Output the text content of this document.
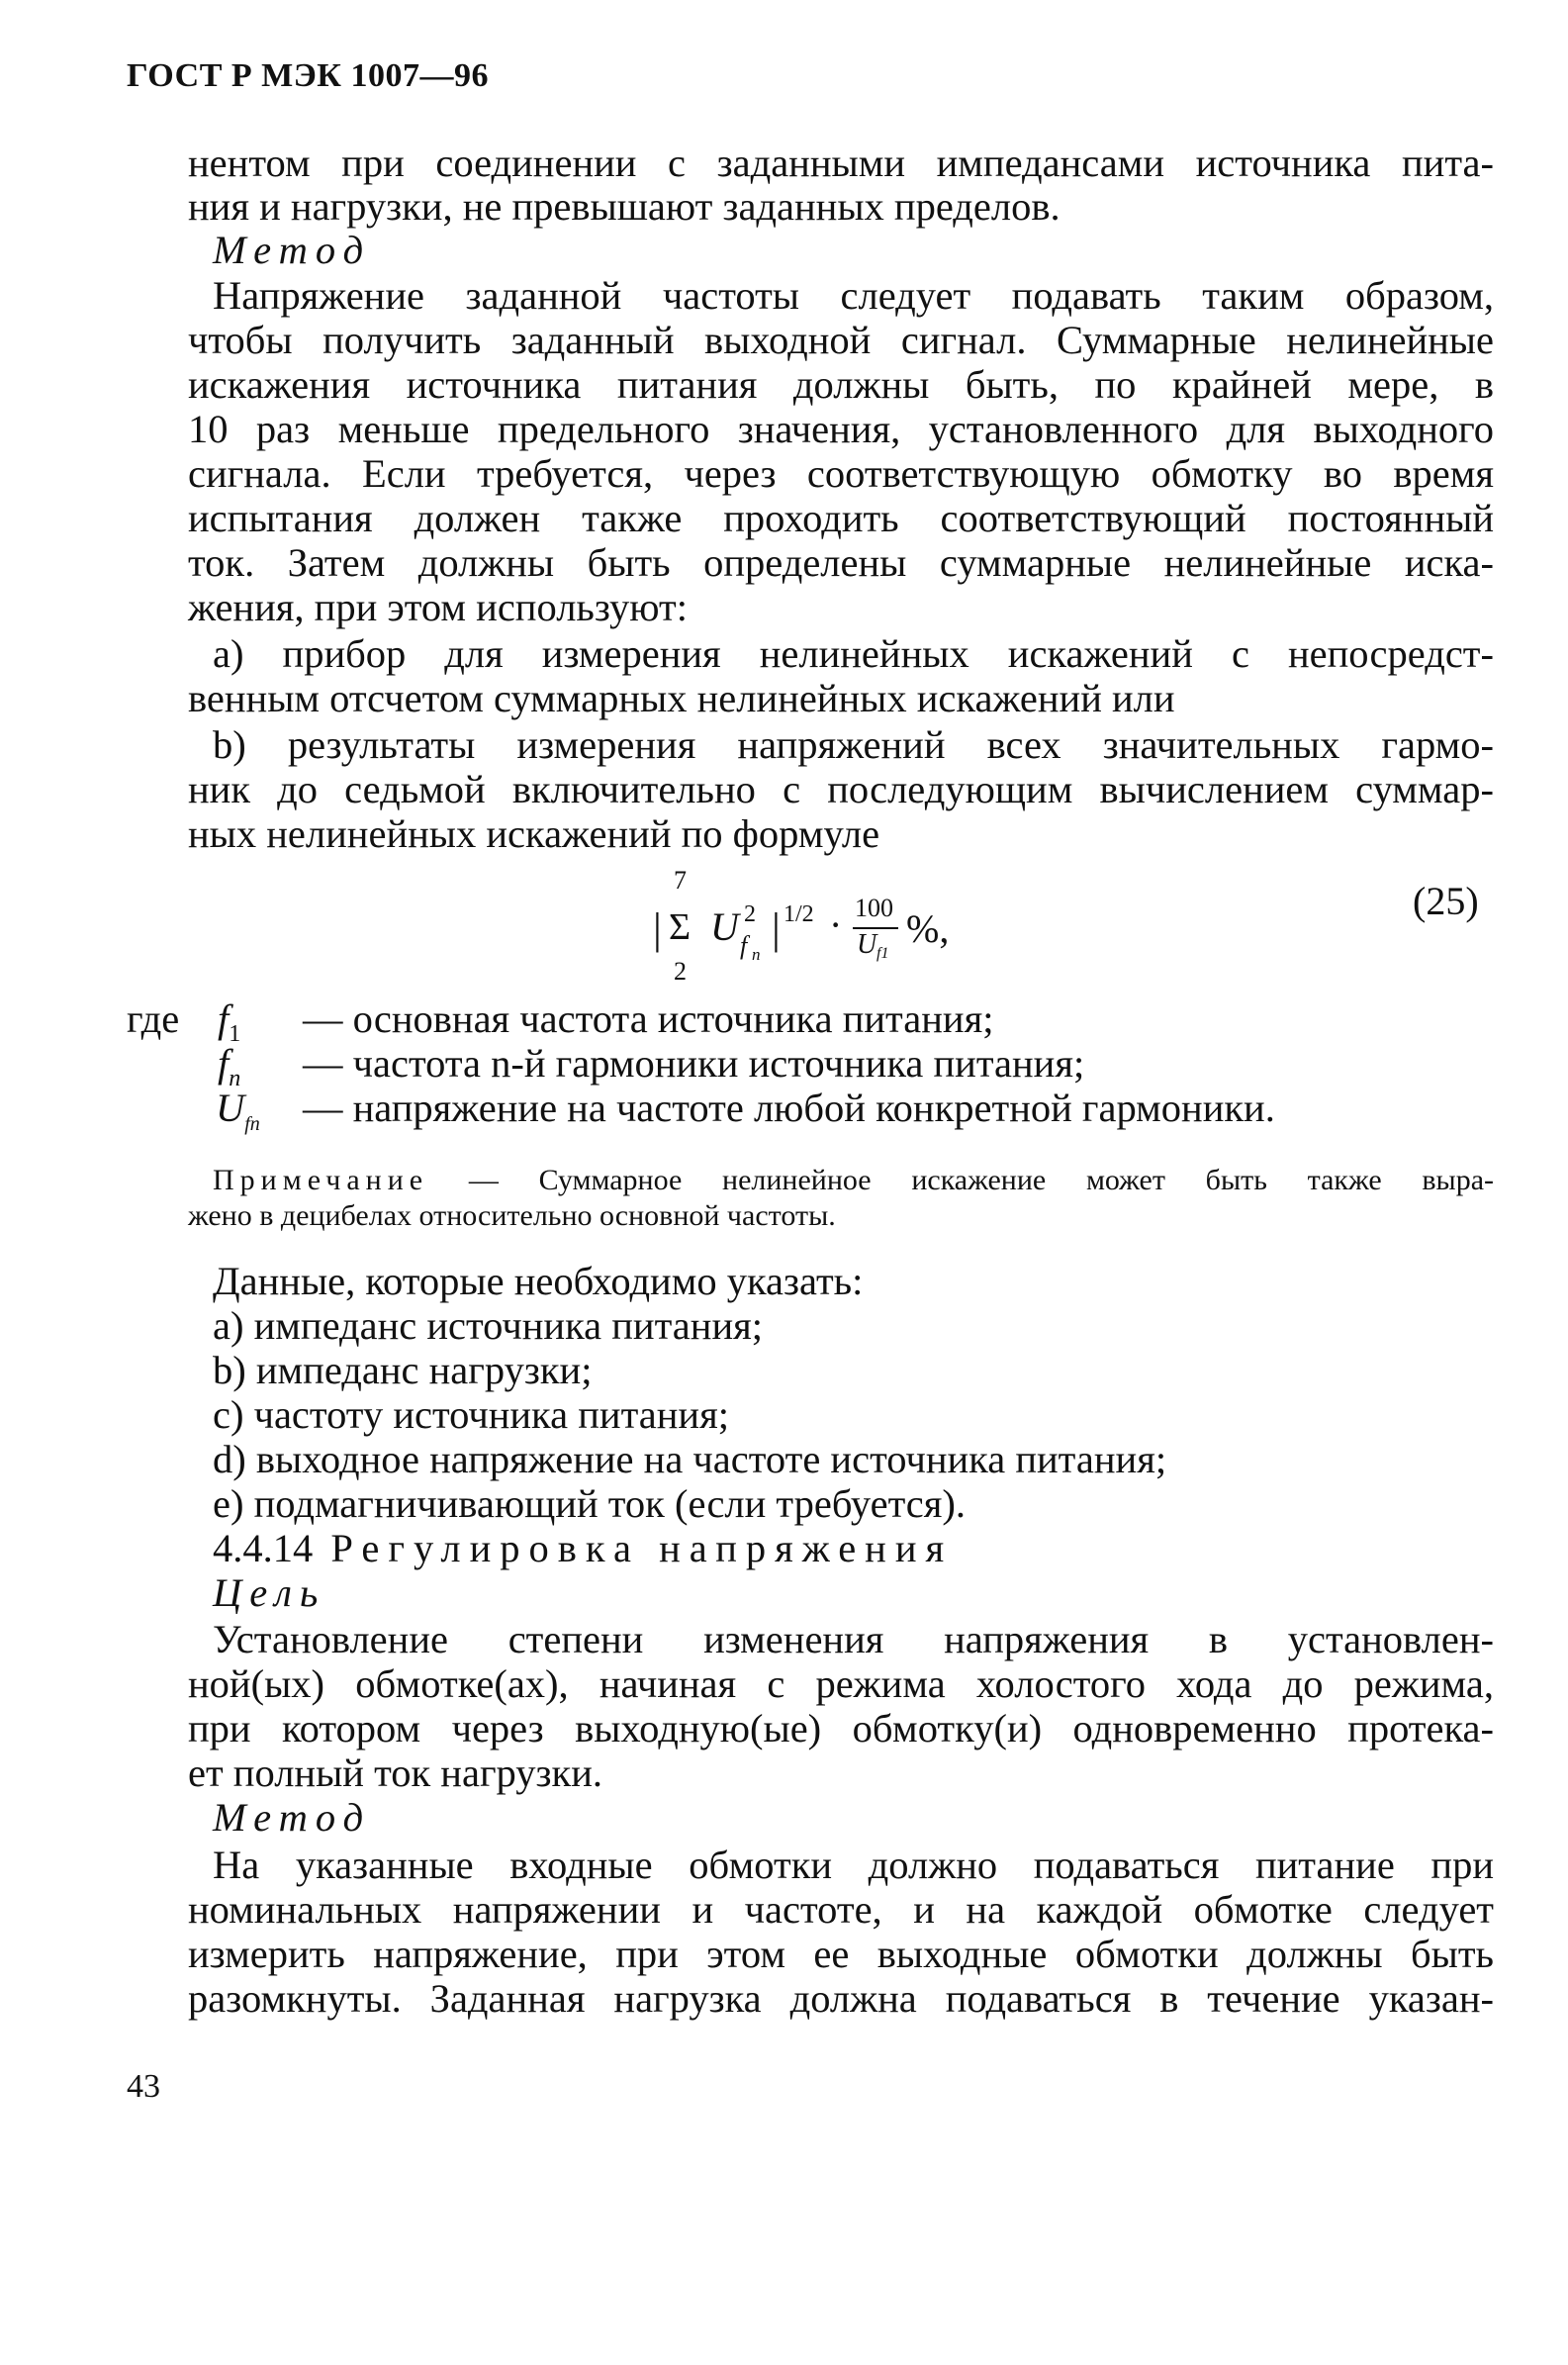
ГОСТ Р МЭК 1007—96
нентом при соединении с заданными импедансами источника пита-
ния и нагрузки, не превышают заданных пределов.
Метод
Напряжение заданной частоты следует подавать таким образом,
чтобы получить заданный выходной сигнал. Суммарные нелинейные
искажения источника питания должны быть, по крайней мере, в
10 раз меньше предельного значения, установленного для выходного
сигнала. Если требуется, через соответствующую обмотку во время
испытания должен также проходить соответствующий постоянный
ток. Затем должны быть определены суммарные нелинейные иска-
жения, при этом используют:
a) прибор для измерения нелинейных искажений с непосредст-
венным отсчетом суммарных нелинейных искажений или
b) результаты измерения напряжений всех значительных гармо-
ник до седьмой включительно с последующим вычислением суммар-
ных нелинейных искажений по формуле
7
| Σ
2
U 2
f n
| 1/2 · 100
U f1
%,
(25)
где $f_1$ — основная частота источника питания;
$f_n$ — частота n-й гармоники источника питания;
$U_{fn}$ — напряжение на частоте любой конкретной гармоники.
Примечание — Суммарное нелинейное искажение может быть также выра-
жено в децибелах относительно основной частоты.
Данные, которые необходимо указать:
a) импеданс источника питания;
b) импеданс нагрузки;
c) частоту источника питания;
d) выходное напряжение на частоте источника питания;
e) подмагничивающий ток (если требуется).
4.4.14 Регулировка напряжения
Цель
Установление степени изменения напряжения в установлен-
ной(ых) обмотке(ах), начиная с режима холостого хода до режима,
при котором через выходную(ые) обмотку(и) одновременно протека-
ет полный ток нагрузки.
Метод
На указанные входные обмотки должно подаваться питание при
номинальных напряжении и частоте, и на каждой обмотке следует
измерить напряжение, при этом ее выходные обмотки должны быть
разомкнуты. Заданная нагрузка должна подаваться в течение указан-
43
